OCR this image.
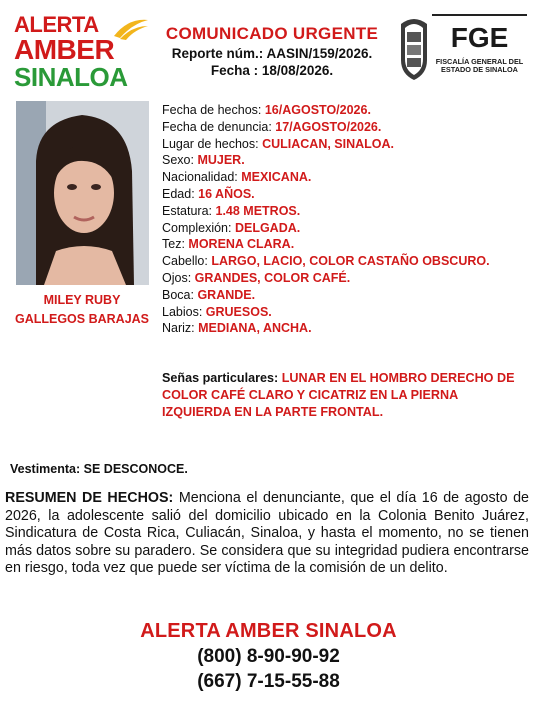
ALERTA
AMBER
SINALOA
COMUNICADO URGENTE
Reporte núm.: AASIN/159/2026.
Fecha : 18/08/2026.
FGE
FISCALÍA GENERAL DEL
ESTADO DE SINALOA
MILEY RUBY
GALLEGOS BARAJAS
Fecha de hechos: 16/AGOSTO/2026.
Fecha de denuncia: 17/AGOSTO/2026.
Lugar de hechos: CULIACAN, SINALOA.
Sexo: MUJER.
Nacionalidad: MEXICANA.
Edad: 16 AÑOS.
Estatura: 1.48 METROS.
Complexión: DELGADA.
Tez: MORENA CLARA.
Cabello: LARGO, LACIO, COLOR CASTAÑO OBSCURO.
Ojos: GRANDES, COLOR CAFÉ.
Boca: GRANDE.
Labios: GRUESOS.
Nariz: MEDIANA, ANCHA.
Señas particulares: LUNAR EN EL HOMBRO DERECHO DE COLOR CAFÉ CLARO Y CICATRIZ EN LA PIERNA IZQUIERDA EN LA PARTE FRONTAL.
Vestimenta: SE DESCONOCE.
RESUMEN DE HECHOS: Menciona el denunciante, que el día 16 de agosto de 2026, la adolescente salió del domicilio ubicado en la Colonia Benito Juárez, Sindicatura de Costa Rica, Culiacán, Sinaloa, y hasta el momento, no se tienen más datos sobre su paradero. Se considera que su integridad pudiera encontrarse en riesgo, toda vez que puede ser víctima de la comisión de un delito.
ALERTA AMBER SINALOA
(800) 8-90-90-92
(667) 7-15-55-88
